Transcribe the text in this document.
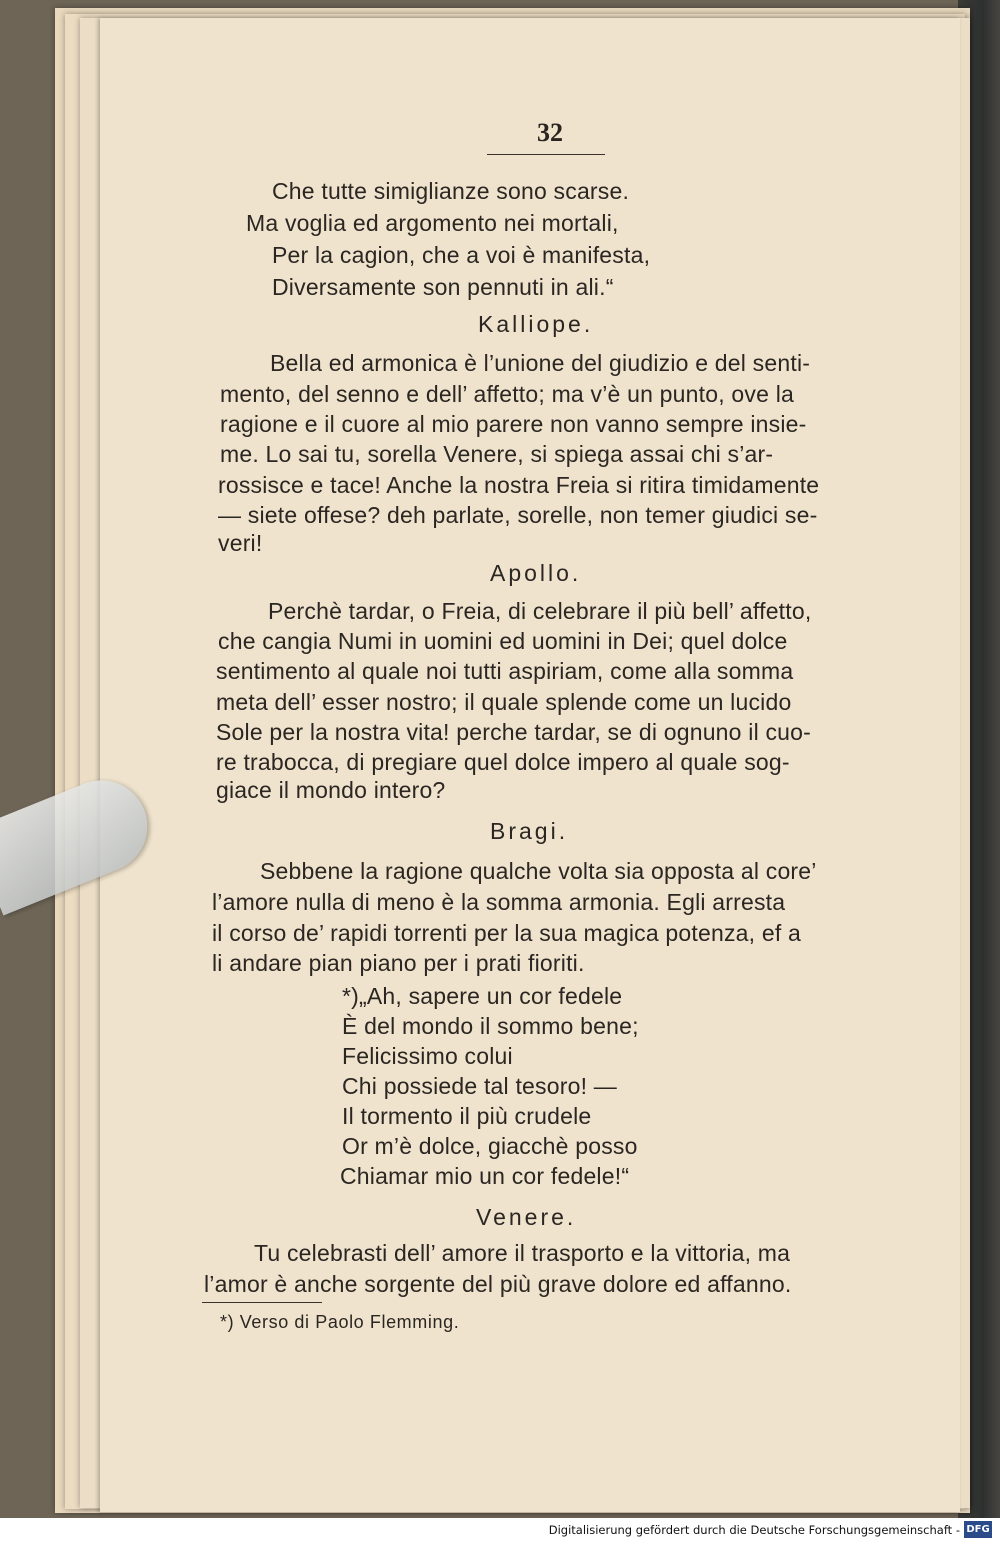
32
Che tutte simiglianze sono scarse.
Ma voglia ed argomento nei mortali,
Per la cagion, che a voi è manifesta,
Diversamente son pennuti in ali.“
Kalliope.
Bella ed armonica è l’unione del giudizio e del senti-
mento, del senno e dell’ affetto; ma v’è un punto, ove la
ragione e il cuore al mio parere non vanno sempre insie-
me. Lo sai tu, sorella Venere, si spiega assai chi s’ar-
rossisce e tace! Anche la nostra Freia si ritira timidamente
— siete offese? deh parlate, sorelle, non temer giudici se-
veri!
Apollo.
Perchè tardar, o Freia, di celebrare il più bell’ affetto,
che cangia Numi in uomini ed uomini in Dei; quel dolce
sentimento al quale noi tutti aspiriam, come alla somma
meta dell’ esser nostro; il quale splende come un lucido
Sole per la nostra vita! perche tardar, se di ognuno il cuo-
re trabocca, di pregiare quel dolce impero al quale sog-
giace il mondo intero?
Bragi.
Sebbene la ragione qualche volta sia opposta al core’
l’amore nulla di meno è la somma armonia. Egli arresta
il corso de’ rapidi torrenti per la sua magica potenza, ef a
li andare pian piano per i prati fioriti.
*)„Ah, sapere un cor fedele
È del mondo il sommo bene;
Felicissimo colui
Chi possiede tal tesoro! —
Il tormento il più crudele
Or m’è dolce, giacchè posso
Chiamar mio un cor fedele!“
Venere.
Tu celebrasti dell’ amore il trasporto e la vittoria, ma
l’amor è anche sorgente del più grave dolore ed affanno.
*) Verso di Paolo Flemming.
Digitalisierung gefördert durch die Deutsche Forschungsgemeinschaft - DFG
